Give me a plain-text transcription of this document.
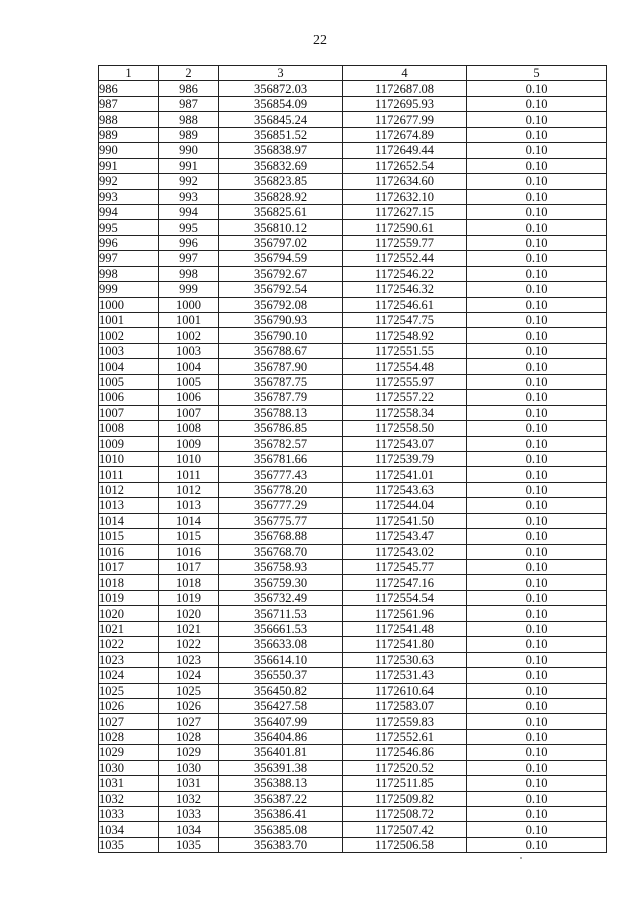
22
1	2	3	4	5
986	986	356872.03	1172687.08	0.10
987	987	356854.09	1172695.93	0.10
988	988	356845.24	1172677.99	0.10
989	989	356851.52	1172674.89	0.10
990	990	356838.97	1172649.44	0.10
991	991	356832.69	1172652.54	0.10
992	992	356823.85	1172634.60	0.10
993	993	356828.92	1172632.10	0.10
994	994	356825.61	1172627.15	0.10
995	995	356810.12	1172590.61	0.10
996	996	356797.02	1172559.77	0.10
997	997	356794.59	1172552.44	0.10
998	998	356792.67	1172546.22	0.10
999	999	356792.54	1172546.32	0.10
1000	1000	356792.08	1172546.61	0.10
1001	1001	356790.93	1172547.75	0.10
1002	1002	356790.10	1172548.92	0.10
1003	1003	356788.67	1172551.55	0.10
1004	1004	356787.90	1172554.48	0.10
1005	1005	356787.75	1172555.97	0.10
1006	1006	356787.79	1172557.22	0.10
1007	1007	356788.13	1172558.34	0.10
1008	1008	356786.85	1172558.50	0.10
1009	1009	356782.57	1172543.07	0.10
1010	1010	356781.66	1172539.79	0.10
1011	1011	356777.43	1172541.01	0.10
1012	1012	356778.20	1172543.63	0.10
1013	1013	356777.29	1172544.04	0.10
1014	1014	356775.77	1172541.50	0.10
1015	1015	356768.88	1172543.47	0.10
1016	1016	356768.70	1172543.02	0.10
1017	1017	356758.93	1172545.77	0.10
1018	1018	356759.30	1172547.16	0.10
1019	1019	356732.49	1172554.54	0.10
1020	1020	356711.53	1172561.96	0.10
1021	1021	356661.53	1172541.48	0.10
1022	1022	356633.08	1172541.80	0.10
1023	1023	356614.10	1172530.63	0.10
1024	1024	356550.37	1172531.43	0.10
1025	1025	356450.82	1172610.64	0.10
1026	1026	356427.58	1172583.07	0.10
1027	1027	356407.99	1172559.83	0.10
1028	1028	356404.86	1172552.61	0.10
1029	1029	356401.81	1172546.86	0.10
1030	1030	356391.38	1172520.52	0.10
1031	1031	356388.13	1172511.85	0.10
1032	1032	356387.22	1172509.82	0.10
1033	1033	356386.41	1172508.72	0.10
1034	1034	356385.08	1172507.42	0.10
1035	1035	356383.70	1172506.58	0.10
